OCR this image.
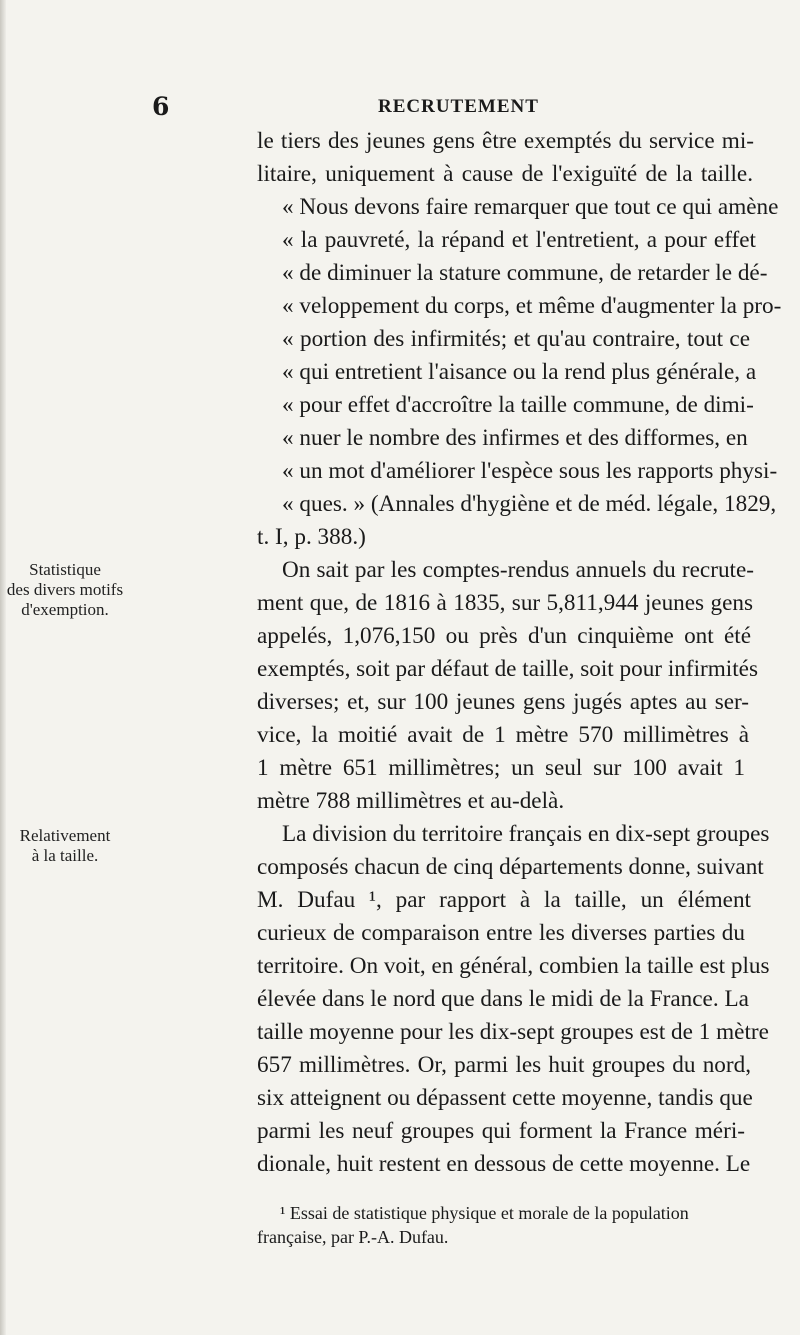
6	RECRUTEMENT
le tiers des jeunes gens être exemptés du service mi-
litaire, uniquement à cause de l'exiguïté de la taille.
« Nous devons faire remarquer que tout ce qui amène
« la pauvreté, la répand et l'entretient, a pour effet
« de diminuer la stature commune, de retarder le dé-
« veloppement du corps, et même d'augmenter la pro-
« portion des infirmités; et qu'au contraire, tout ce
« qui entretient l'aisance ou la rend plus générale, a
« pour effet d'accroître la taille commune, de dimi-
« nuer le nombre des infirmes et des difformes, en
« un mot d'améliorer l'espèce sous les rapports physi-
« ques. » (Annales d'hygiène et de méd. légale, 1829,
t. I, p. 388.)
On sait par les comptes-rendus annuels du recrute-
ment que, de 1816 à 1835, sur 5,811,944 jeunes gens
appelés, 1,076,150 ou près d'un cinquième ont été
exemptés, soit par défaut de taille, soit pour infirmités
diverses; et, sur 100 jeunes gens jugés aptes au ser-
vice, la moitié avait de 1 mètre 570 millimètres à
1 mètre 651 millimètres; un seul sur 100 avait 1
mètre 788 millimètres et au-delà.
La division du territoire français en dix-sept groupes
composés chacun de cinq départements donne, suivant
M. Dufau ¹, par rapport à la taille, un élément
curieux de comparaison entre les diverses parties du
territoire. On voit, en général, combien la taille est plus
élevée dans le nord que dans le midi de la France. La
taille moyenne pour les dix-sept groupes est de 1 mètre
657 millimètres. Or, parmi les huit groupes du nord,
six atteignent ou dépassent cette moyenne, tandis que
parmi les neuf groupes qui forment la France méri-
dionale, huit restent en dessous de cette moyenne. Le
Statistique
des divers motifs
d'exemption.
Relativement
à la taille.
¹ Essai de statistique physique et morale de la population
française, par P.-A. Dufau.
